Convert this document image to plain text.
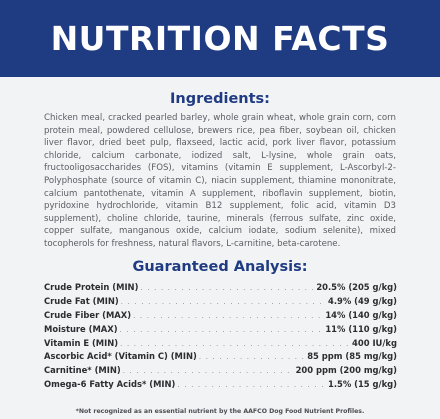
NUTRITION FACTS
Ingredients:
Chicken meal, cracked pearled barley, whole grain wheat, whole grain corn, corn protein meal, powdered cellulose, brewers rice, pea fiber, soybean oil, chicken liver flavor, dried beet pulp, flaxseed, lactic acid, pork liver flavor, potassium chloride, calcium carbonate, iodized salt, L-lysine, whole grain oats, fructooligosaccharides (FOS), vitamins (vitamin E supplement, L-Ascorbyl-2-Polyphosphate (source of vitamin C), niacin supplement, thiamine mononitrate, calcium pantothenate, vitamin A supplement, riboflavin supplement, biotin, pyridoxine hydrochloride, vitamin B12 supplement, folic acid, vitamin D3 supplement), choline chloride, taurine, minerals (ferrous sulfate, zinc oxide, copper sulfate, manganous oxide, calcium iodate, sodium selenite), mixed tocopherols for freshness, natural flavors, L-carnitine, beta-carotene.
Guaranteed Analysis:
Crude Protein (MIN) . . .	20.5% (205 g/kg)
Crude Fat (MIN) . . .	4.9% (49 g/kg)
Crude Fiber (MAX) . . .	14% (140 g/kg)
Moisture (MAX) . . .	11% (110 g/kg)
Vitamin E (MIN) . . .	400 IU/kg
Ascorbic Acid* (Vitamin C) (MIN) . . .	85 ppm (85 mg/kg)
Carnitine* (MIN) . . .	200 ppm (200 mg/kg)
Omega-6 Fatty Acids* (MIN) . . .	1.5% (15 g/kg)
*Not recognized as an essential nutrient by the AAFCO Dog Food Nutrient Profiles.
